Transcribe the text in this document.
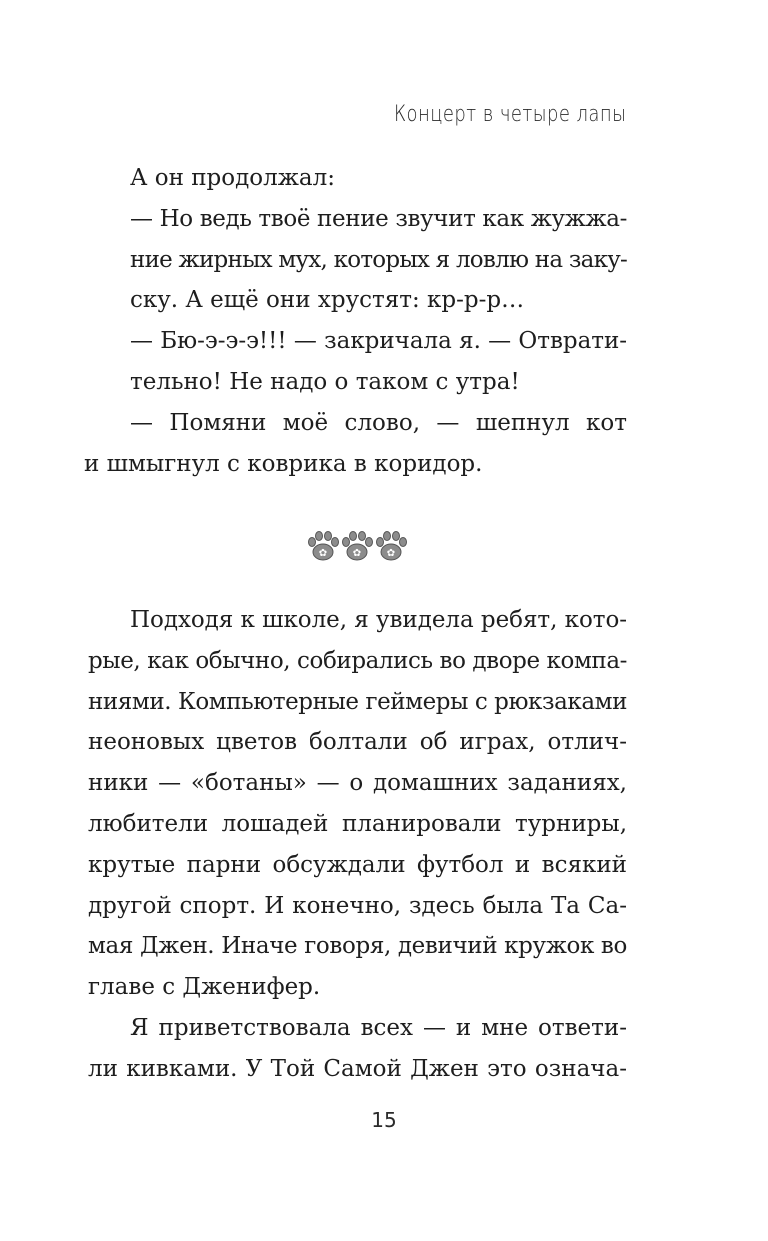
Концерт в четыре лапы
А он продолжал:
— Но ведь твоё пение звучит как жужжа-
ние жирных мух, которых я ловлю на заку-
ску. А ещё они хрустят: кр-р-р…
— Бю-э-э-э!!! — закричала я. — Отврати-
тельно! Не надо о таком с утра!
— Помяни моё слово, — шепнул кот
и шмыгнул с коврика в коридор.
✿	✿	✿
Подходя к школе, я увидела ребят, кото-
рые, как обычно, собирались во дворе компа-
ниями. Компьютерные геймеры с рюкзаками
неоновых цветов болтали об играх, отлич-
ники — «ботаны» — о домашних заданиях,
любители лошадей планировали турниры,
крутые парни обсуждали футбол и всякий
другой спорт. И конечно, здесь была Та Са-
мая Джен. Иначе говоря, девичий кружок во
главе с Дженифер.
Я приветствовала всех — и мне ответи-
ли кивками. У Той Самой Джен это означа-
15
